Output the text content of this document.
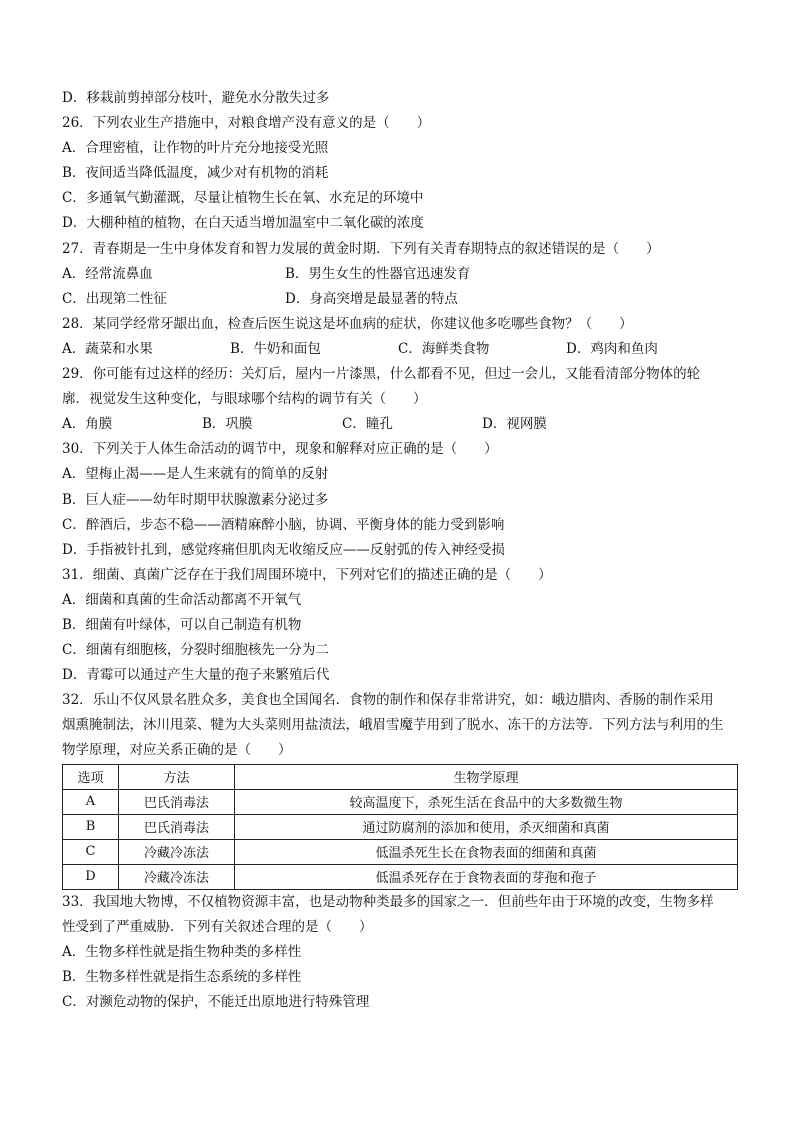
D．移栽前剪掉部分枝叶，避免水分散失过多
26．下列农业生产措施中，对粮食增产没有意义的是（　　）
A．合理密植，让作物的叶片充分地接受光照
B．夜间适当降低温度，减少对有机物的消耗
C．多通氧气勤灌溉，尽量让植物生长在氧、水充足的环境中
D．大棚种植的植物，在白天适当增加温室中二氧化碳的浓度
27．青春期是一生中身体发育和智力发展的黄金时期．下列有关青春期特点的叙述错误的是（　　）
A．经常流鼻血	B．男生女生的性器官迅速发育
C．出现第二性征	D．身高突增是最显著的特点
28．某同学经常牙龈出血，检查后医生说这是坏血病的症状，你建议他多吃哪些食物？（　　）
A．蔬菜和水果	B．牛奶和面包	C．海鲜类食物	D．鸡肉和鱼肉
29．你可能有过这样的经历：关灯后，屋内一片漆黑，什么都看不见，但过一会儿，又能看清部分物体的轮廓．视觉发生这种变化，与眼球哪个结构的调节有关（　　）
A．角膜	B．巩膜	C．瞳孔	D．视网膜
30．下列关于人体生命活动的调节中，现象和解释对应正确的是（　　）
A．望梅止渴——是人生来就有的简单的反射
B．巨人症——幼年时期甲状腺激素分泌过多
C．醉酒后，步态不稳——酒精麻醉小脑，协调、平衡身体的能力受到影响
D．手指被针扎到，感觉疼痛但肌肉无收缩反应——反射弧的传入神经受损
31．细菌、真菌广泛存在于我们周围环境中，下列对它们的描述正确的是（　　）
A．细菌和真菌的生命活动都离不开氧气
B．细菌有叶绿体，可以自己制造有机物
C．细菌有细胞核，分裂时细胞核先一分为二
D．青霉可以通过产生大量的孢子来繁殖后代
32．乐山不仅风景名胜众多，美食也全国闻名．食物的制作和保存非常讲究，如：峨边腊肉、香肠的制作采用烟熏腌制法，沐川甩菜、犍为大头菜则用盐渍法，峨眉雪魔芋用到了脱水、冻干的方法等．下列方法与利用的生物学原理，对应关系正确的是（　　）
选项	方法	生物学原理
A	巴氏消毒法	较高温度下，杀死生活在食品中的大多数微生物
B	巴氏消毒法	通过防腐剂的添加和使用，杀灭细菌和真菌
C	冷藏冷冻法	低温杀死生长在食物表面的细菌和真菌
D	冷藏冷冻法	低温杀死存在于食物表面的芽孢和孢子
33．我国地大物博，不仅植物资源丰富，也是动物种类最多的国家之一．但前些年由于环境的改变，生物多样性受到了严重威胁．下列有关叙述合理的是（　　）
A．生物多样性就是指生物种类的多样性
B．生物多样性就是指生态系统的多样性
C．对濒危动物的保护，不能迁出原地进行特殊管理
